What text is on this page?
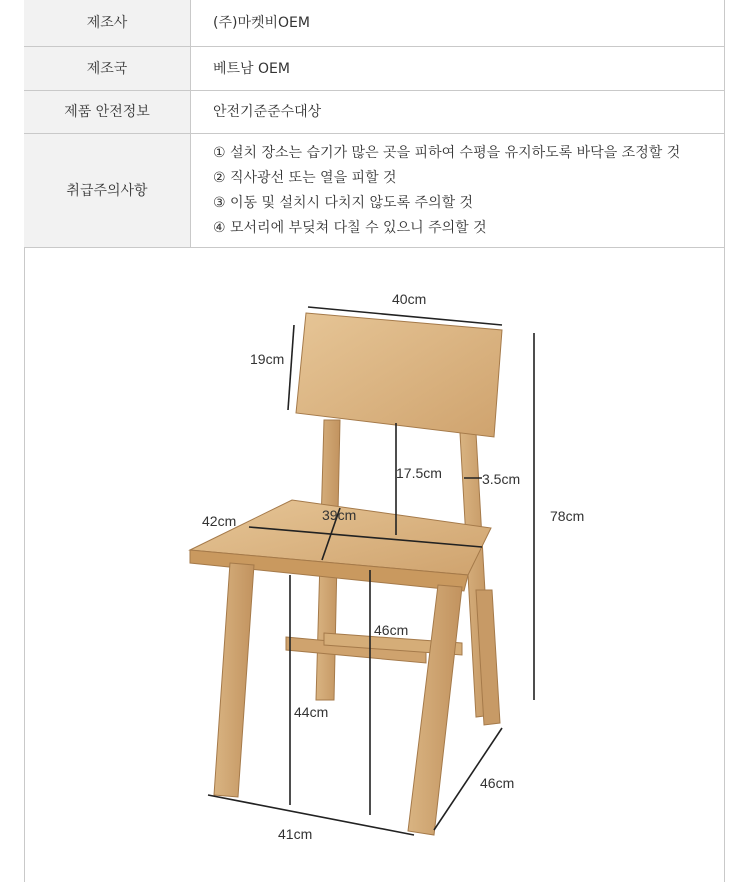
제조사	(주)마켓비OEM
제조국	베트남 OEM
제품 안전정보	안전기준준수대상
취급주의사항	① 설치 장소는 습기가 많은 곳을 피하여 수평을 유지하도록 바닥을 조정할 것
② 직사광선 또는 열을 피할 것
③ 이동 및 설치시 다치지 않도록 주의할 것
④ 모서리에 부딪쳐 다칠 수 있으니 주의할 것
40cm
19cm
17.5cm	3.5cm
78cm
42cm	39cm
46cm
44cm
46cm
41cm
